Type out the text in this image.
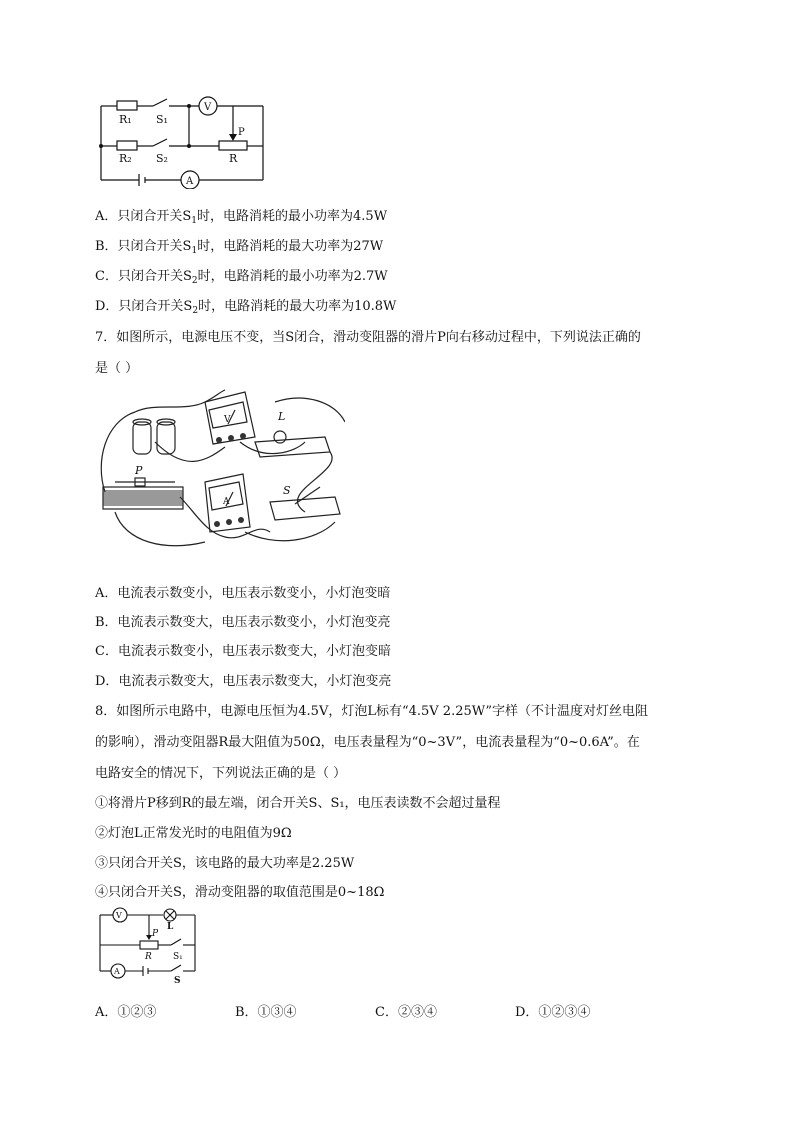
R₁ S₁
V
P
R
R₂ S₂
A
A．只闭合开关$S_1$时，电路消耗的最小功率为4.5W
B．只闭合开关$S_1$时，电路消耗的最大功率为27W
C．只闭合开关$S_2$时，电路消耗的最小功率为2.7W
D．只闭合开关$S_2$时，电路消耗的最大功率为10.8W
7．如图所示，电源电压不变，当S闭合，滑动变阻器的滑片P向右移动过程中，下列说法正确的
是（ ）
V	L
P
S
A
A．电流表示数变小，电压表示数变小，小灯泡变暗
B．电流表示数变大，电压表示数变小，小灯泡变亮
C．电流表示数变小，电压表示数变大，小灯泡变暗
D．电流表示数变大，电压表示数变大，小灯泡变亮
8．如图所示电路中，电源电压恒为4.5V，灯泡L标有“4.5V 2.25W”字样（不计温度对灯丝电阻
的影响），滑动变阻器R最大阻值为50Ω，电压表量程为“0~3V”，电流表量程为“0~0.6A”。在
电路安全的情况下，下列说法正确的是（ ）
①将滑片P移到R的最左端，闭合开关S、S₁，电压表读数不会超过量程
②灯泡L正常发光时的电阻值为9Ω
③只闭合开关S，该电路的最大功率是2.25W
④只闭合开关S，滑动变阻器的取值范围是0~18Ω
V
L
P
R S₁
A
S
A．①②③	B．①③④	C．②③④	D．①②③④
